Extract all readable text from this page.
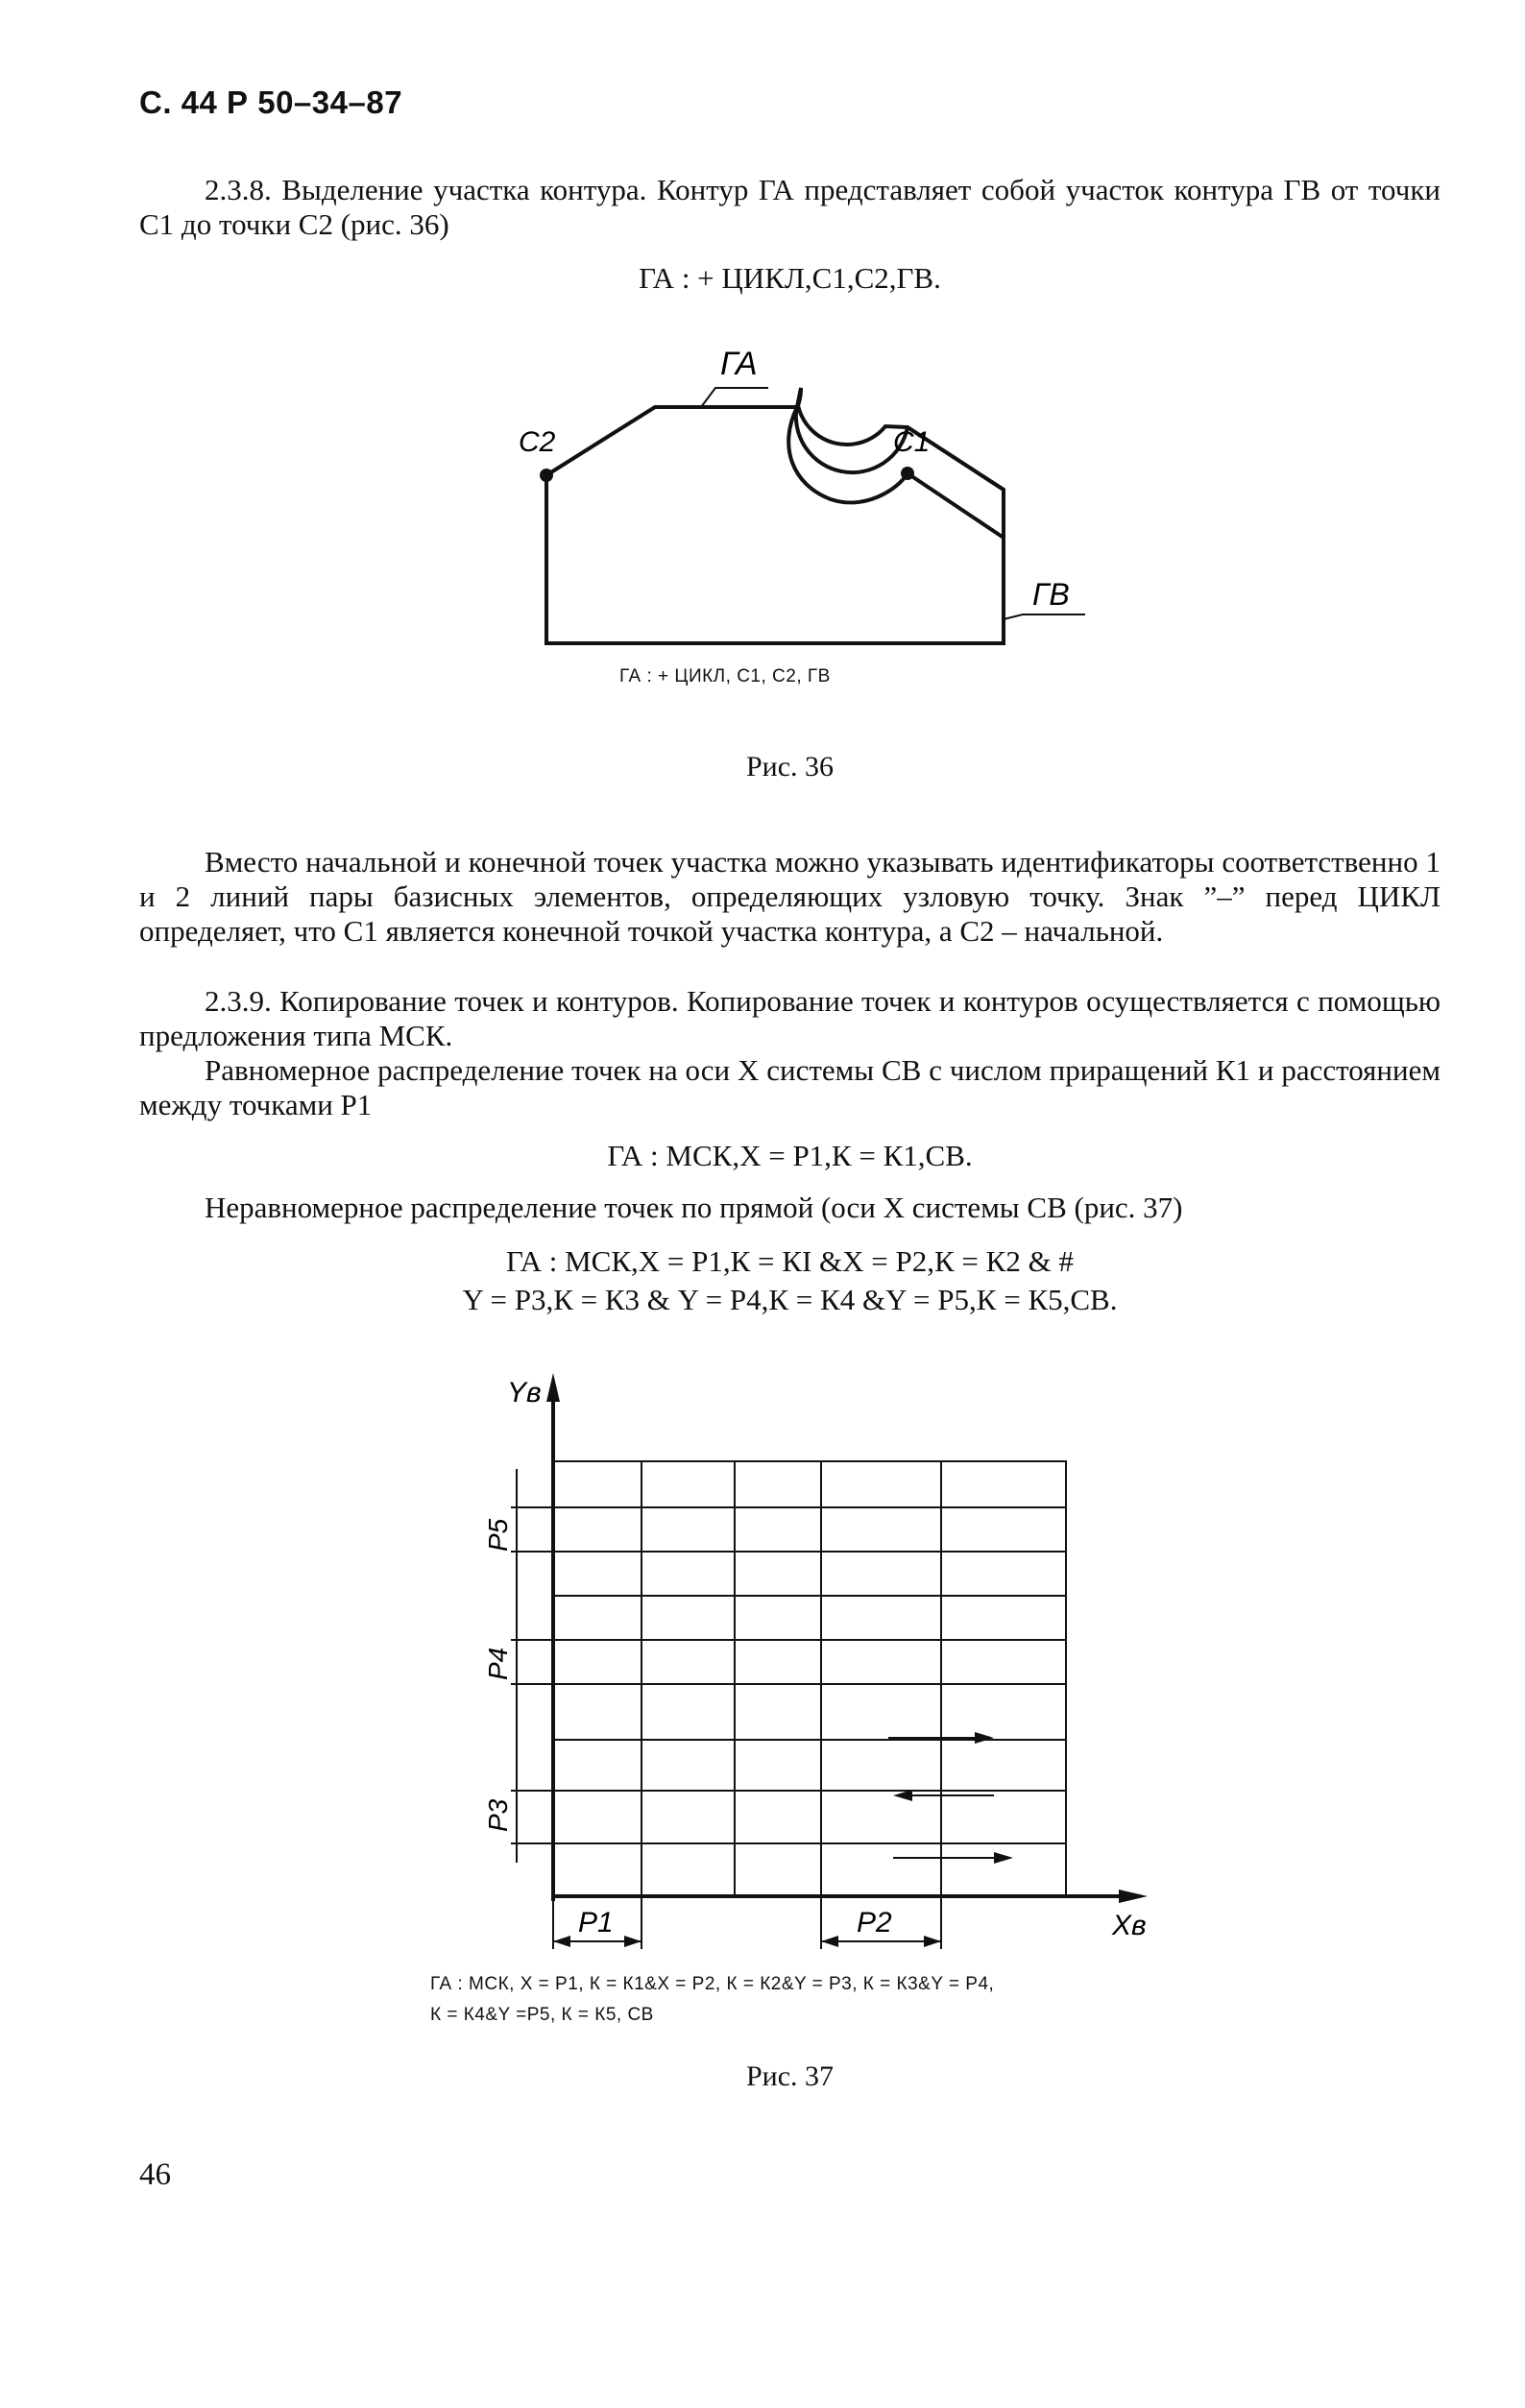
С. 44 Р 50–34–87
2.3.8. Выделение участка контура. Контур ГА представляет собой участок контура ГВ от точки С1 до точки С2 (рис. 36)
ГА : + ЦИКЛ,С1,С2,ГВ.
ГА
С2	С1
ГВ
ГА : + ЦИКЛ, С1, С2, ГВ
Рис. 36
Вместо начальной и конечной точек участка можно указывать идентификаторы соответственно 1 и 2 линий пары базисных элементов, определяющих узловую точку. Знак ”–” перед ЦИКЛ определяет, что С1 является конечной точкой участка контура, а С2 – начальной.
2.3.9. Копирование точек и контуров. Копирование точек и контуров осуществляется с помощью предложения типа МСК.
Равномерное распределение точек на оси X системы СВ с числом приращений К1 и расстоянием между точками Р1
ГА : МСК,Х = Р1,К = К1,СВ.
Неравномерное распределение точек по прямой (оси X системы СВ (рис. 37)
ГА : МСК,Х = Р1,К = КI &Х = Р2,К = К2 & #
Y = Р3,К = К3 & Y = Р4,К = К4 &Y = Р5,К = К5,СВ.
Yв
Xв
Р1	Р2
Р5
Р4
Р3
ГА : МСК, X = Р1, К = К1&X = Р2, К = К2&Y = Р3, К = К3&Y = Р4,
К = К4&Y =Р5, К = К5, СВ
Рис. 37
46
